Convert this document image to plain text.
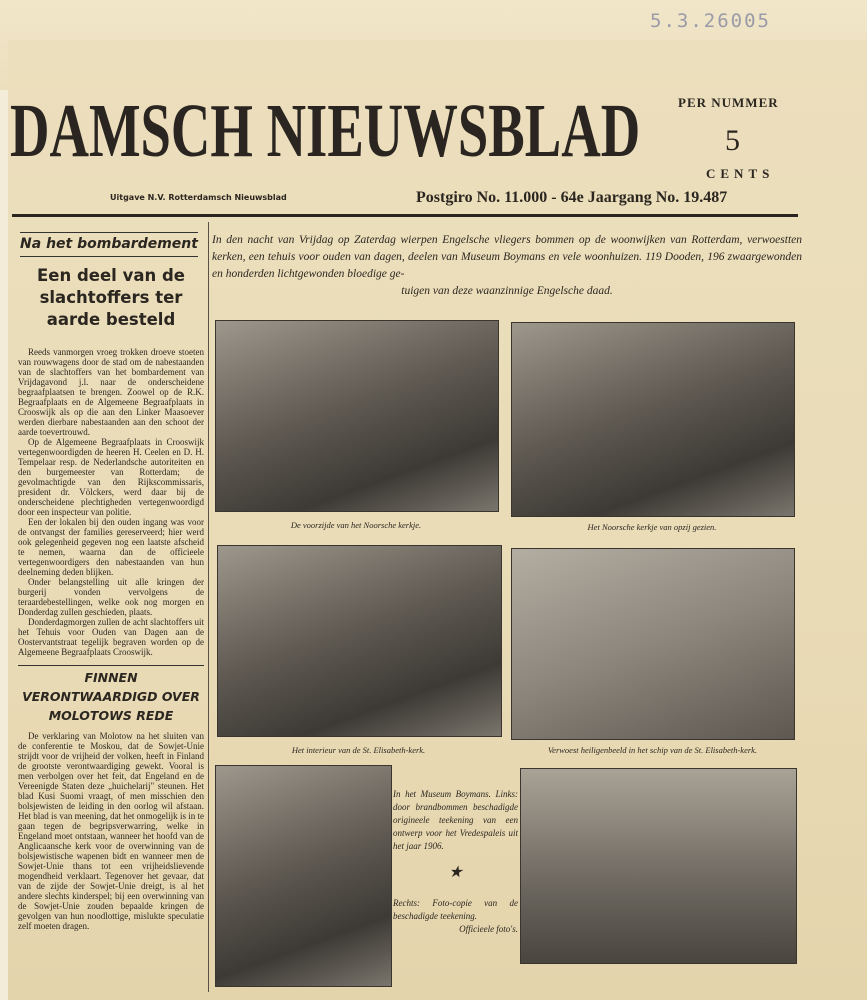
5.3.26005
DAMSCH NIEUWSBLAD	PER NUMMER
5
CENTS
Uitgave N.V. Rotterdamsch Nieuwsblad	Postgiro No. 11.000 - 64e Jaargang No. 19.487
Na het bombardement
Een deel van de slachtoffers ter aarde besteld

Reeds vanmorgen vroeg trokken droeve stoeten van rouwwagens door de stad om de nabestaanden van de slachtoffers van het bombardement van Vrijdagavond j.l. naar de onderscheidene begraafplaatsen te brengen. Zoowel op de R.K. Begraafplaats en de Algemeene Begraafplaats in Crooswijk als op die aan den Linker Maasoever werden dierbare nabestaanden aan den schoot der aarde toevertrouwd.

Op de Algemeene Begraafplaats in Crooswijk vertegenwoordigden de heeren H. Ceelen en D. H. Tempelaar resp. de Nederlandsche autoriteiten en den burgemeester van Rotterdam; de gevolmachtigde van den Rijkscommissaris, president dr. Völckers, werd daar bij de onderscheidene plechtigheden vertegenwoordigd door een inspecteur van politie.

Een der lokalen bij den ouden ingang was voor de ontvangst der families gereserveerd; hier werd ook gelegenheid gegeven nog een laatste afscheid te nemen, waarna dan de officieele vertegenwoordigers den nabestaanden van hun deelneming deden blijken.

Onder belangstelling uit alle kringen der burgerij vonden vervolgens de teraardebestellingen, welke ook nog morgen en Donderdag zullen geschieden, plaats.

Donderdagmorgen zullen de acht slachtoffers uit het Tehuis voor Ouden van Dagen aan de Oostervantstraat tegelijk begraven worden op de Algemeene Begraafplaats Crooswijk.

FINNEN VERONTWAARDIGD OVER MOLOTOWS REDE

De verklaring van Molotow na het sluiten van de conferentie te Moskou, dat de Sowjet-Unie strijdt voor de vrijheid der volken, heeft in Finland de grootste verontwaardiging gewekt. Vooral is men verbolgen over het feit, dat Engeland en de Vereenigde Staten deze „huichelarij" steunen. Het blad Kusi Suomi vraagt, of men misschien den bolsjewisten de leiding in den oorlog wil afstaan. Het blad is van meening, dat het onmogelijk is in te gaan tegen de begripsverwarring, welke in Engeland moet ontstaan, wanneer het hoofd van de Anglicaansche kerk voor de overwinning van de bolsjewistische wapenen bidt en wanneer men de Sowjet-Unie thans tot een vrijheidslievende mogendheid verklaart. Tegenover het gevaar, dat van de zijde der Sowjet-Unie dreigt, is al het andere slechts kinderspel; bij een overwinning van de Sowjet-Unie zouden bepaalde kringen de gevolgen van hun noodlottige, mislukte speculatie zelf moeten dragen.

In den nacht van Vrijdag op Zaterdag wierpen Engelsche vliegers bommen op de woonwijken van Rotterdam, verwoestten kerken, een tehuis voor ouden van dagen, deelen van Museum Boymans en vele woonhuizen. 119 Dooden, 196 zwaargewonden en honderden lichtgewonden bloedige ge-
tuigen van deze waanzinnige Engelsche daad.
De voorzijde van het Noorsche kerkje.	Het Noorsche kerkje van opzij gezien.
Het interieur van de St. Elisabeth-kerk.	Verwoest heiligenbeeld in het schip van de St. Elisabeth-kerk.
In het Museum Boymans. Links: door brandbommen beschadigde origineele teekening van een ontwerp voor het Vredespaleis uit het jaar 1906.
★
Rechts: Foto-copie van de beschadigde teekening.
Officieele foto's.
